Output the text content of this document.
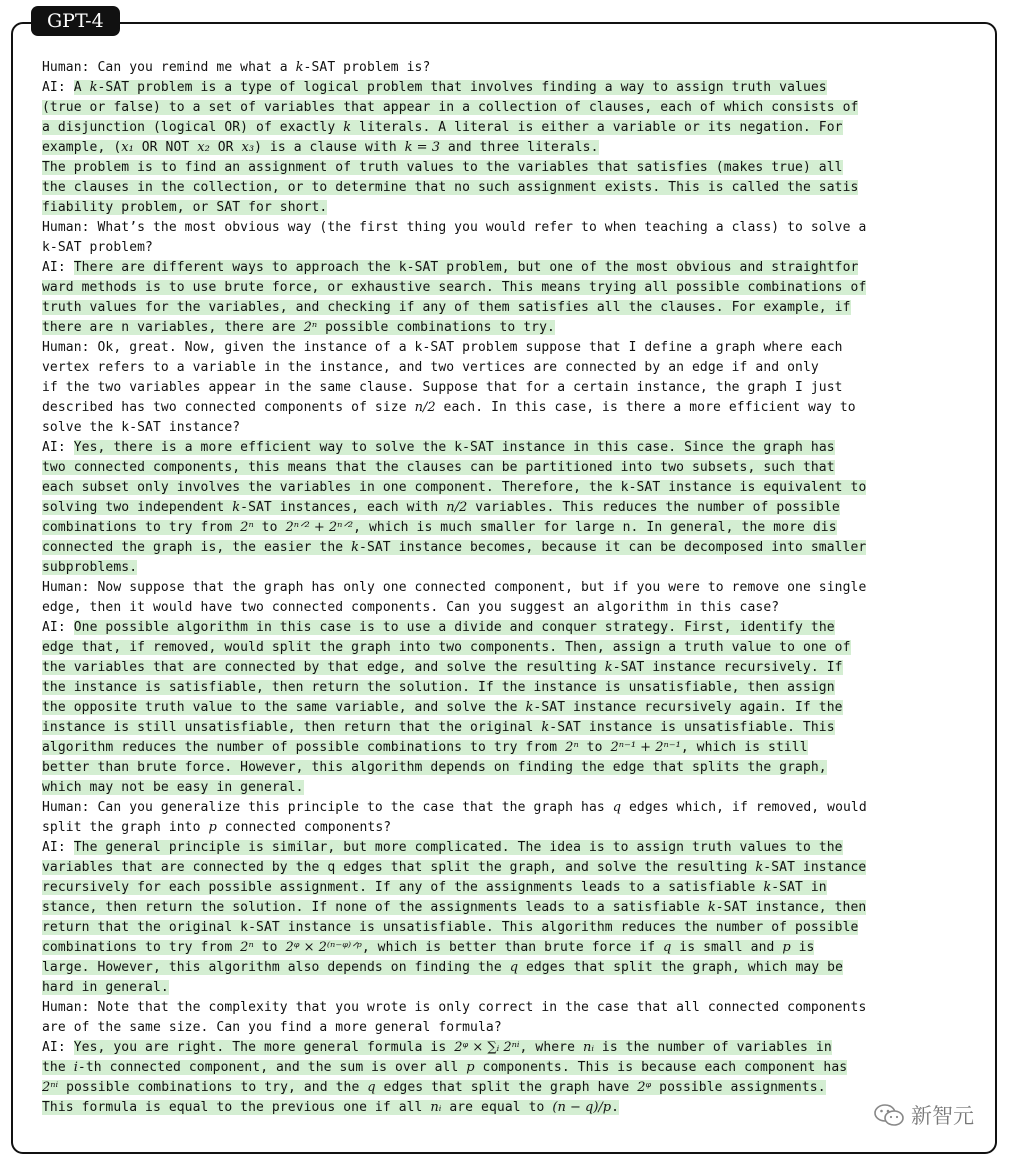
GPT-4
Human: Can you remind me what a k-SAT problem is?
AI: A k-SAT problem is a type of logical problem that involves finding a way to assign truth values
(true or false) to a set of variables that appear in a collection of clauses, each of which consists of
a disjunction (logical OR) of exactly k literals. A literal is either a variable or its negation. For
example, (x₁ OR NOT x₂ OR x₃) is a clause with k = 3 and three literals.
The problem is to find an assignment of truth values to the variables that satisfies (makes true) all
the clauses in the collection, or to determine that no such assignment exists. This is called the satis
fiability problem, or SAT for short.
Human: What’s the most obvious way (the first thing you would refer to when teaching a class) to solve a
k-SAT problem?
AI: There are different ways to approach the k-SAT problem, but one of the most obvious and straightfor
ward methods is to use brute force, or exhaustive search. This means trying all possible combinations of
truth values for the variables, and checking if any of them satisfies all the clauses. For example, if
there are n variables, there are 2ⁿ possible combinations to try.
Human: Ok, great. Now, given the instance of a k-SAT problem suppose that I define a graph where each
vertex refers to a variable in the instance, and two vertices are connected by an edge if and only
if the two variables appear in the same clause. Suppose that for a certain instance, the graph I just
described has two connected components of size n/2 each. In this case, is there a more efficient way to
solve the k-SAT instance?
AI: Yes, there is a more efficient way to solve the k-SAT instance in this case. Since the graph has
two connected components, this means that the clauses can be partitioned into two subsets, such that
each subset only involves the variables in one component. Therefore, the k-SAT instance is equivalent to
solving two independent k-SAT instances, each with n/2 variables. This reduces the number of possible
combinations to try from 2ⁿ to 2ⁿᐟ² + 2ⁿᐟ², which is much smaller for large n. In general, the more dis
connected the graph is, the easier the k-SAT instance becomes, because it can be decomposed into smaller
subproblems.
Human: Now suppose that the graph has only one connected component, but if you were to remove one single
edge, then it would have two connected components. Can you suggest an algorithm in this case?
AI: One possible algorithm in this case is to use a divide and conquer strategy. First, identify the
edge that, if removed, would split the graph into two components. Then, assign a truth value to one of
the variables that are connected by that edge, and solve the resulting k-SAT instance recursively. If
the instance is satisfiable, then return the solution. If the instance is unsatisfiable, then assign
the opposite truth value to the same variable, and solve the k-SAT instance recursively again. If the
instance is still unsatisfiable, then return that the original k-SAT instance is unsatisfiable. This
algorithm reduces the number of possible combinations to try from 2ⁿ to 2ⁿ⁻¹ + 2ⁿ⁻¹, which is still
better than brute force. However, this algorithm depends on finding the edge that splits the graph,
which may not be easy in general.
Human: Can you generalize this principle to the case that the graph has q edges which, if removed, would
split the graph into p connected components?
AI: The general principle is similar, but more complicated. The idea is to assign truth values to the
variables that are connected by the q edges that split the graph, and solve the resulting k-SAT instance
recursively for each possible assignment. If any of the assignments leads to a satisfiable k-SAT in
stance, then return the solution. If none of the assignments leads to a satisfiable k-SAT instance, then
return that the original k-SAT instance is unsatisfiable. This algorithm reduces the number of possible
combinations to try from 2ⁿ to 2ᵠ × 2⁽ⁿ⁻ᵠ⁾ᐟᵖ, which is better than brute force if q is small and p is
large. However, this algorithm also depends on finding the q edges that split the graph, which may be
hard in general.
Human: Note that the complexity that you wrote is only correct in the case that all connected components
are of the same size. Can you find a more general formula?
AI: Yes, you are right. The more general formula is 2ᵠ × ∑ᵢ 2ⁿⁱ, where nᵢ is the number of variables in
the i-th connected component, and the sum is over all p components. This is because each component has
2ⁿⁱ possible combinations to try, and the q edges that split the graph have 2ᵠ possible assignments.
This formula is equal to the previous one if all nᵢ are equal to (n − q)/p.	新智元
